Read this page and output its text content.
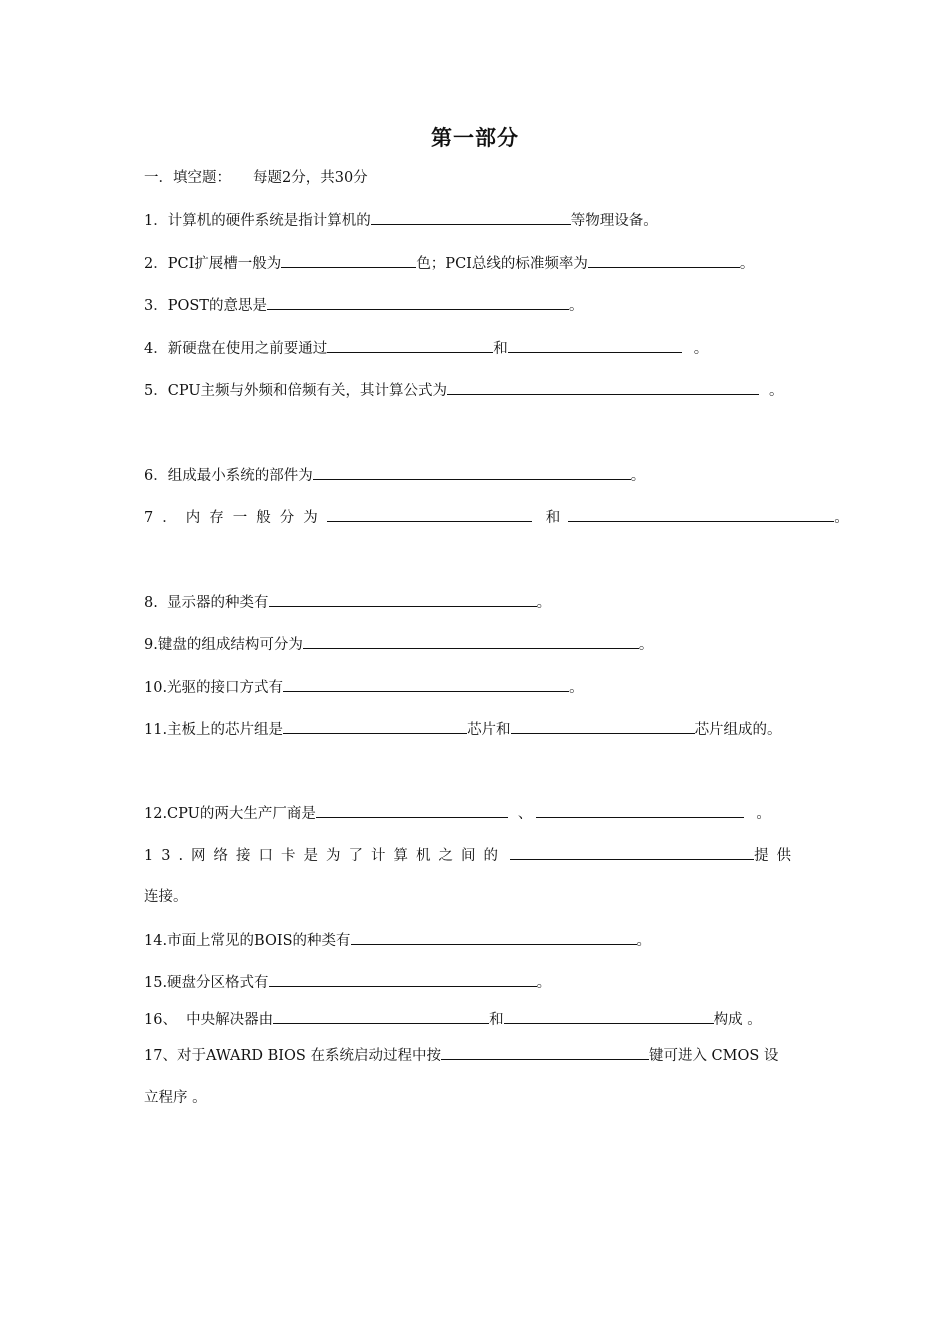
第一部分
一．填空题： 每题2分，共30分
1．计算机的硬件系统是指计算机的	等物理设备。
2．PCI扩展槽一般为	色；PCI总线的标准频率为	。
3．POST的意思是	。
4．新硬盘在使用之前要通过	和	。
5．CPU主频与外频和倍频有关，其计算公式为	。
6．组成最小系统的部件为	。
7．内存一般分为	和	。
8.  显示器的种类有	。
9.键盘的组成结构可分为	。
10.光驱的接口方式有	。
11.主板上的芯片组是	芯片和	芯片组成的。
12.CPU的两大生产厂商是	、	。
13.网络接口卡是为了计算机之间的	提供
连接。
14.市面上常见的BOIS的种类有	。
15.硬盘分区格式有	。
16、  中央解决器由	和	构成 。
17、对于AWARD BIOS 在系统启动过程中按	键可进入 CMOS 设
立程序 。
